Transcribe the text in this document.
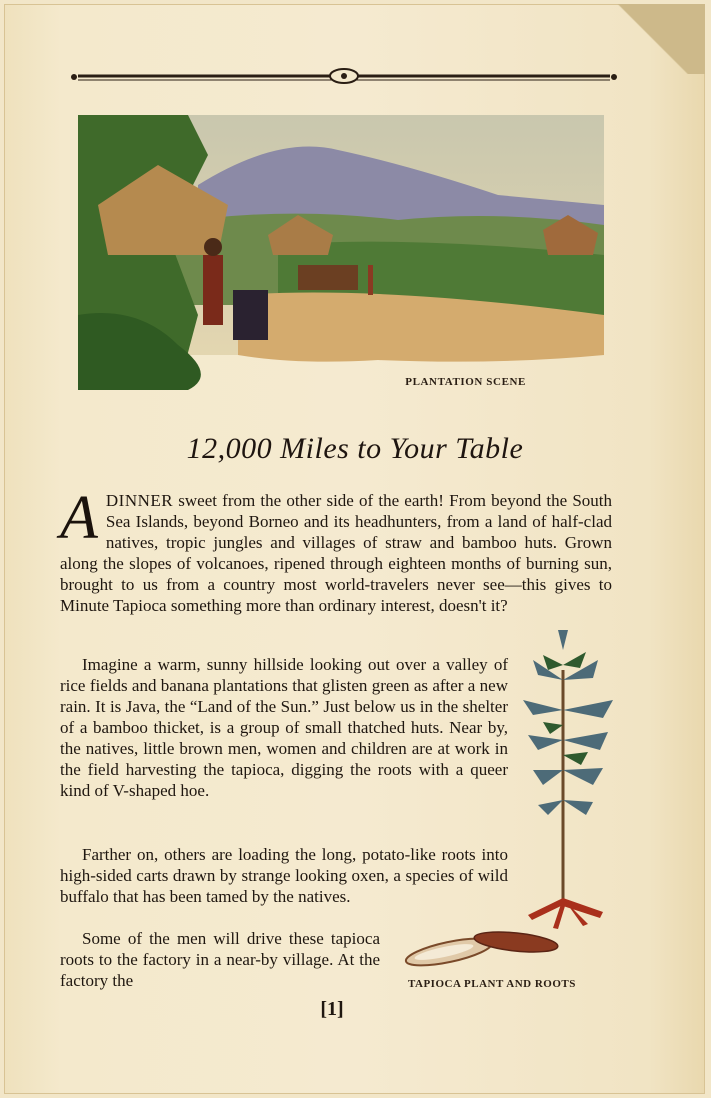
PLANTATION SCENE
12,000 Miles to Your Table

ADINNER sweet from the other side of the earth! From beyond the South Sea Islands, beyond Borneo and its headhunters, from a land of half-clad natives, tropic jungles and villages of straw and bamboo huts. Grown along the slopes of volcanoes, ripened through eighteen months of burning sun, brought to us from a country most world-travelers never see—this gives to Minute Tapioca something more than ordinary interest, doesn't it?

Imagine a warm, sunny hillside looking out over a valley of rice fields and banana plantations that glisten green as after a new rain. It is Java, the “Land of the Sun.” Just below us in the shelter of a bamboo thicket, is a group of small thatched huts. Near by, the natives, little brown men, women and children are at work in the field harvesting the tapioca, digging the roots with a queer kind of V-shaped hoe.

Farther on, others are loading the long, potato-like roots into high-sided carts drawn by strange looking oxen, a species of wild buffalo that has been tamed by the natives.

Some of the men will drive these tapioca roots to the factory in a near-by village. At the factory the	TAPIOCA PLANT AND ROOTS
[1]
